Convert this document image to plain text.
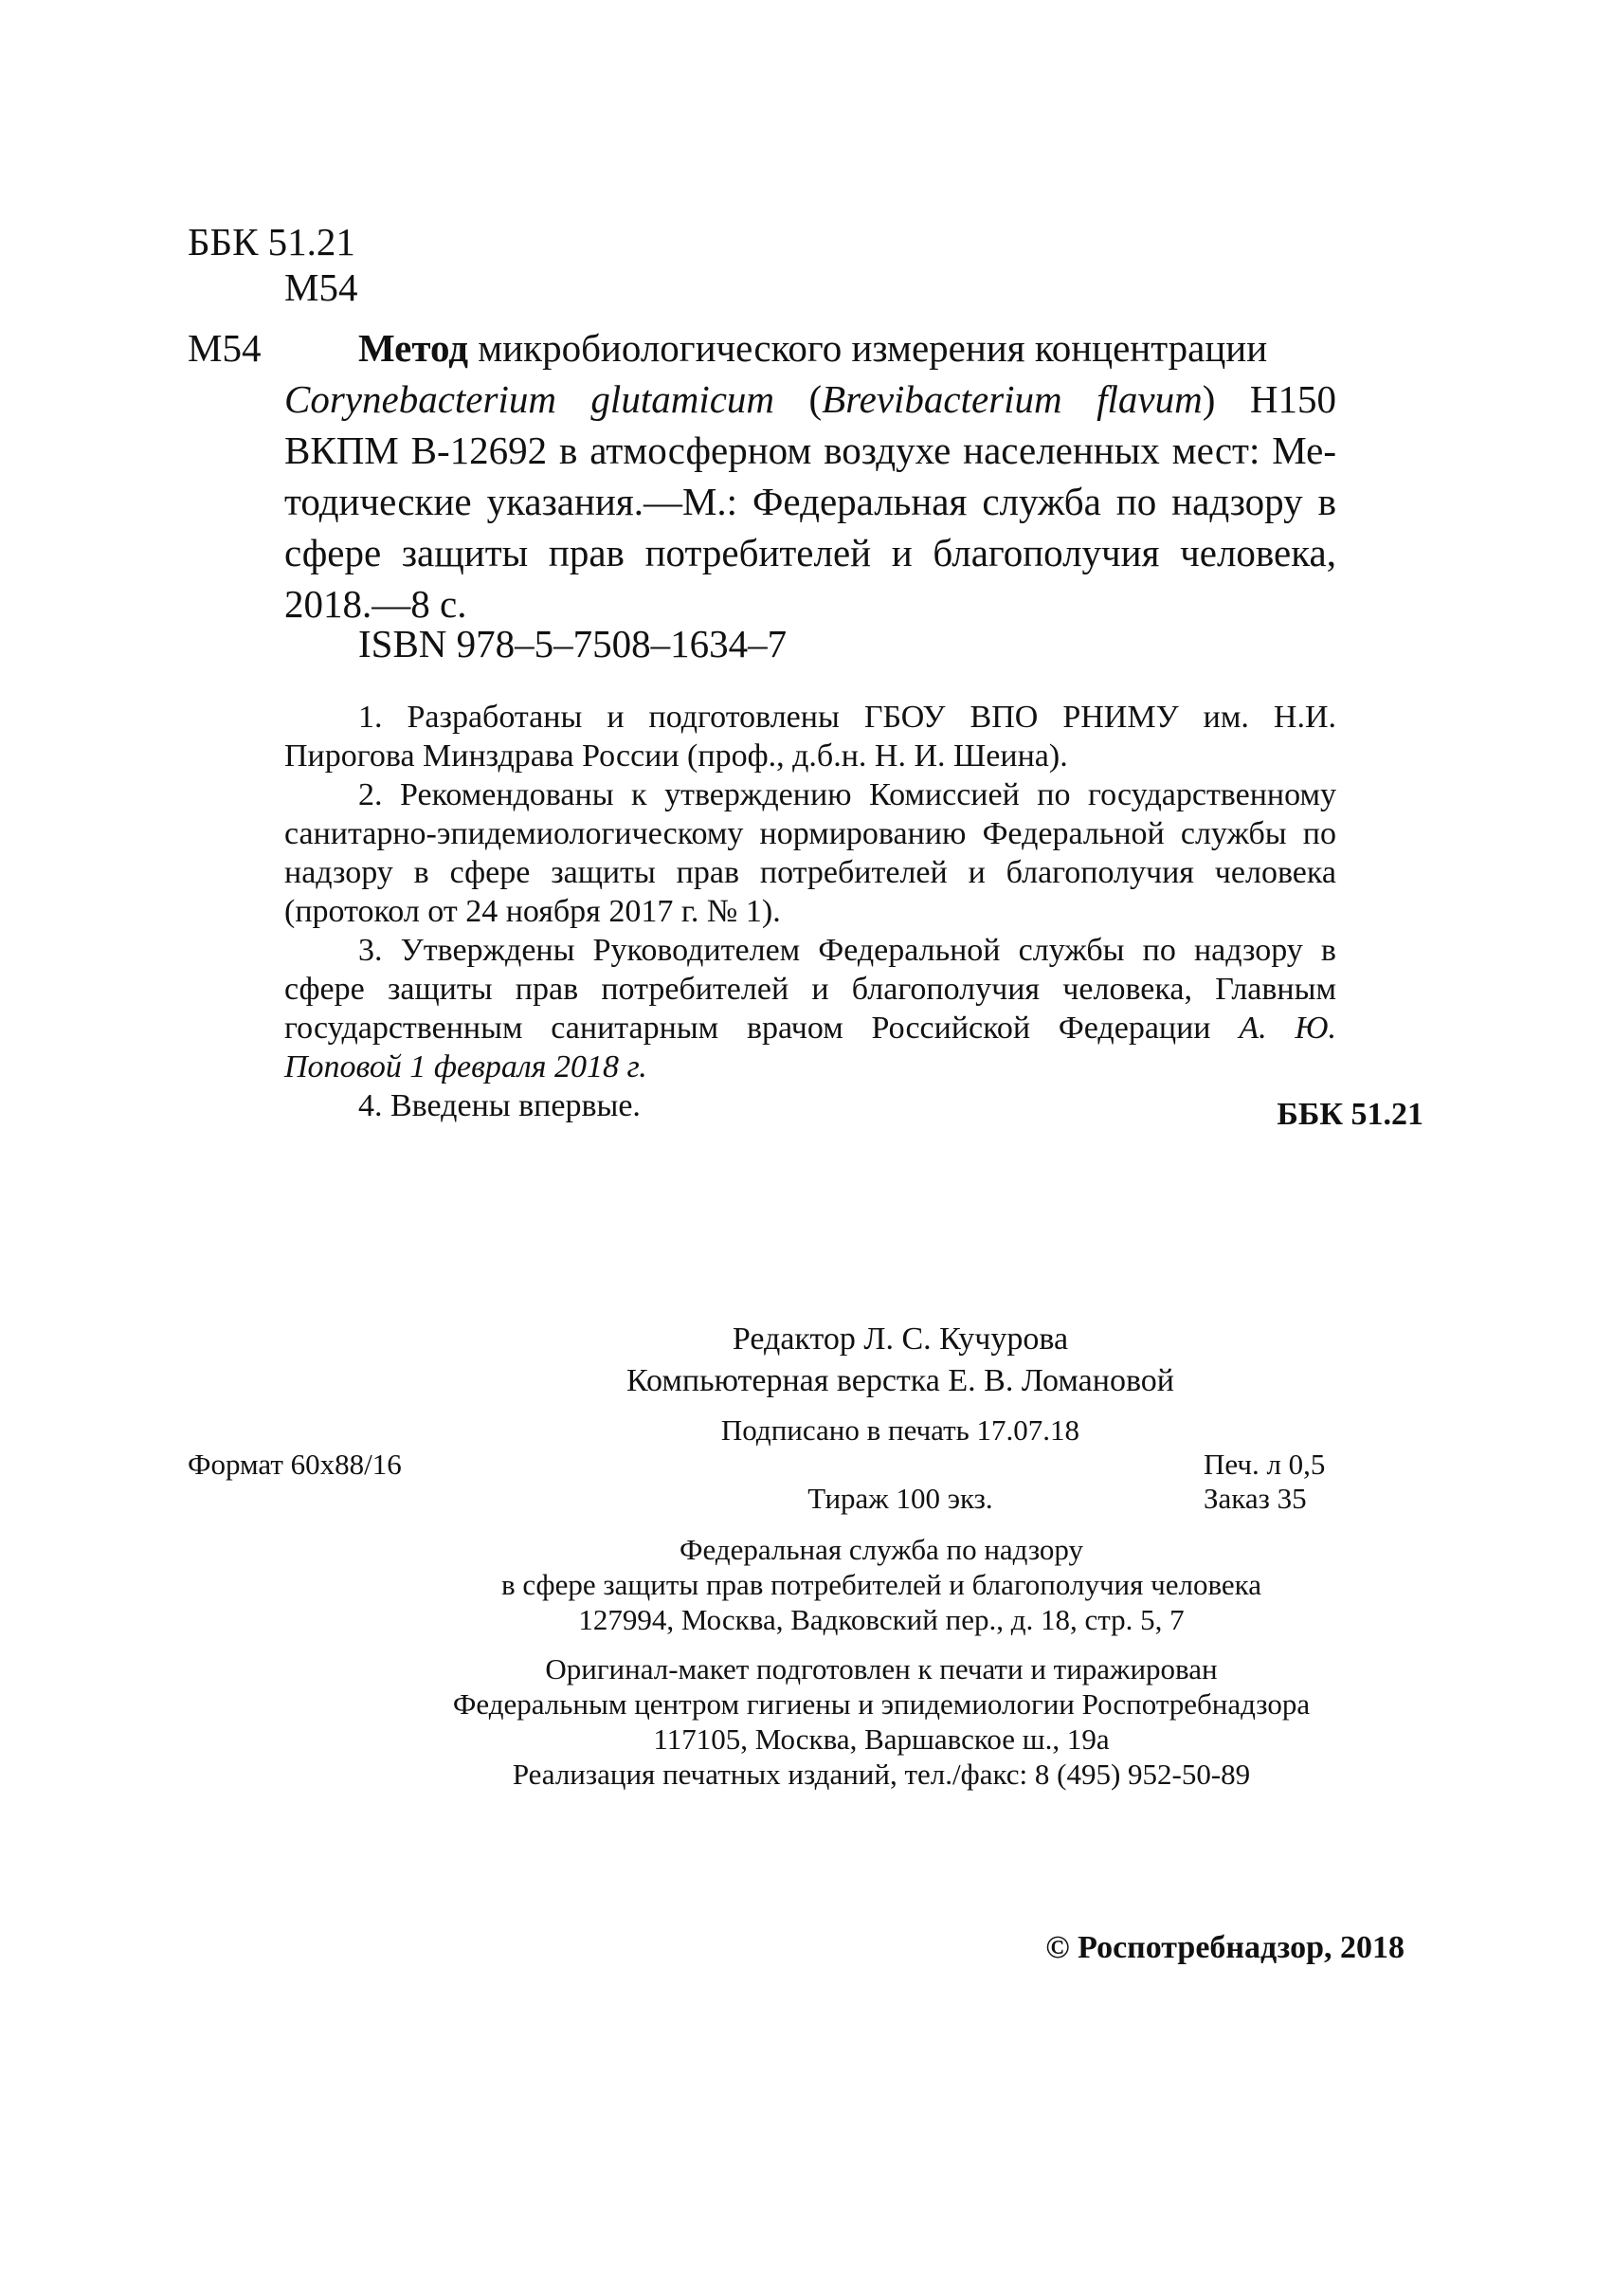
ББК 51.21
М54
М54	Метод микробиологического измерения концентрации

Corynebacterium glutamicum (Brevibacterium flavum) Н150

ВКПМ В-12692 в атмосферном воздухе населенных мест: Ме-

тодические указания.—М.: Федеральная служба по надзору в

сфере защиты прав потребителей и благополучия человека,

2018.—8 с.

ISBN 978–5–7508–1634–7

1. Разработаны и подготовлены ГБОУ ВПО РНИМУ им. Н.И. Пирогова Минздрава России (проф., д.б.н. Н. И. Шеина).

2. Рекомендованы к утверждению Комиссией по государственному санитарно-эпидемиологическому нормированию Федеральной службы по надзору в сфере защиты прав потребителей и благополучия человека (протокол от 24 ноября 2017 г. № 1).

3. Утверждены Руководителем Федеральной службы по надзору в сфере защиты прав потребителей и благополучия человека, Главным государственным санитарным врачом Российской Федерации А. Ю. Поповой 1 февраля 2018 г.

4. Введены впервые.	ББК 51.21
Редактор Л. С. Кучурова
Компьютерная верстка Е. В. Ломановой
Подписано в печать 17.07.18
Формат 60x88/16	Печ. л 0,5
Тираж 100 экз.	Заказ 35

Федеральная служба по надзору

в сфере защиты прав потребителей и благополучия человека

127994, Москва, Вадковский пер., д. 18, стр. 5, 7

Оригинал-макет подготовлен к печати и тиражирован

Федеральным центром гигиены и эпидемиологии Роспотребнадзора

117105, Москва, Варшавское ш., 19а

Реализация печатных изданий, тел./факс: 8 (495) 952-50-89

© Роспотребнадзор, 2018
